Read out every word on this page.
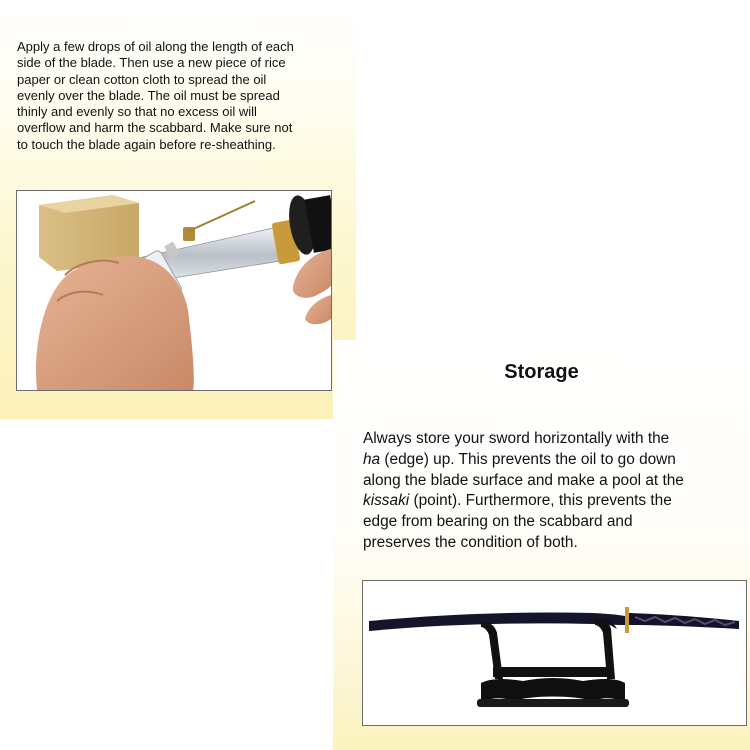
Apply a few drops of oil along the length of each
side of the blade. Then use a new piece of rice
paper or clean cotton cloth to spread the oil
evenly over the blade. The oil must be spread
thinly and evenly so that no excess oil will
overflow and harm the scabbard. Make sure not
to touch the blade again before re-sheathing.
Storage
Always store your sword horizontally with the
ha (edge) up. This prevents the oil to go down
along the blade surface and make a pool at the
kissaki (point). Furthermore, this prevents the
edge from bearing on the scabbard and
preserves the condition of both.
